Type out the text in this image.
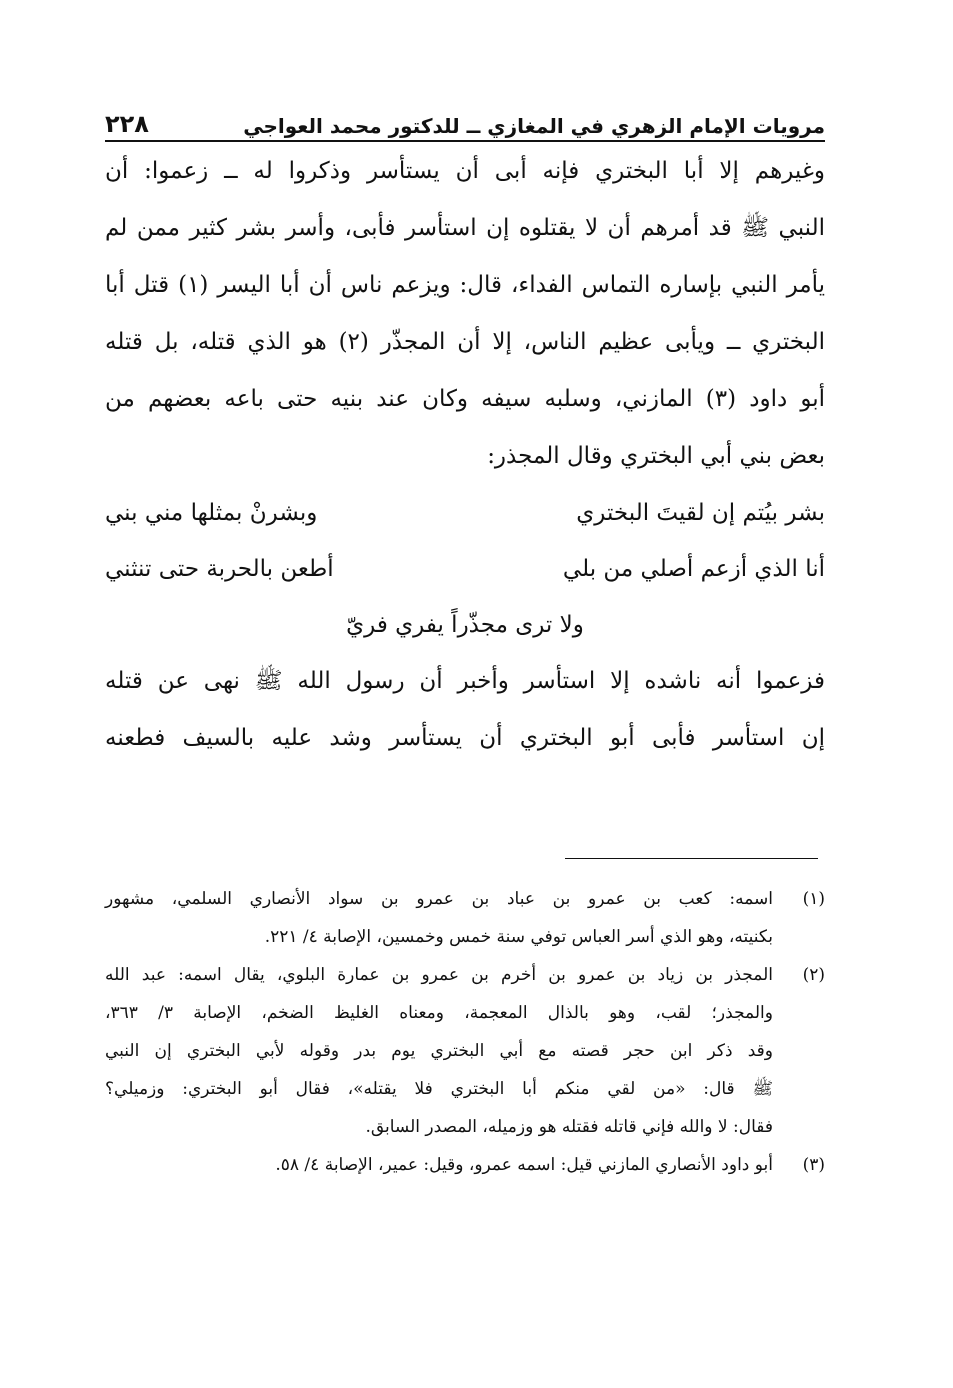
مرويات الإمام الزهري في المغازي ــ للدكتور محمد العواجي
٢٢٨
وغيرهم إلا أبا البختري فإنه أبى أن يستأسر وذكروا له ــ زعموا: أن
النبي ﷺ قد أمرهم أن لا يقتلوه إن استأسر فأبى، وأسر بشر كثير ممن لم
يأمر النبي بإساره التماس الفداء، قال: ويزعم ناس أن أبا اليسر (١) قتل أبا
البختري ــ ويأبى عظيم الناس، إلا أن المجذّر (٢) هو الذي قتله، بل قتله
أبو داود (٣) المازني، وسلبه سيفه وكان عند بنيه حتى باعه بعضهم من
بعض بني أبي البختري وقال المجذر:
بشر بيُتم إن لقيتَ البختري
وبشرنْ بمثلها مني بني
أنا الذي أزعم أصلي من بلي
أطعن بالحربة حتى تنثني
ولا ترى مجذّراً يفري فريّ
فزعموا أنه ناشده إلا استأسر وأخبر أن رسول الله ﷺ نهى عن قتله
إن استأسر فأبى أبو البختري أن يستأسر وشد عليه بالسيف فطعنه
(١)
اسمه: كعب بن عمرو بن عباد بن عمرو بن سواد الأنصاري السلمي، مشهور
بكنيته، وهو الذي أسر العباس توفي سنة خمس وخمسين، الإصابة ٤/ ٢٢١.
(٢)
المجذر بن زياد بن عمرو بن أخرم بن عمرو بن عمارة البلوي، يقال اسمه: عبد الله
والمجذر؛ لقب، وهو بالذال المعجمة، ومعناه الغليظ الضخم، الإصابة ٣/ ٣٦٣،
وقد ذكر ابن حجر قصته مع أبي البختري يوم بدر وقوله لأبي البختري إن النبي
ﷺ قال: «من لقي منكم أبا البختري فلا يقتله»، فقال أبو البختري: وزميلي؟
فقال: لا والله فإني قاتله فقتله هو وزميله، المصدر السابق.
(٣)
أبو داود الأنصاري المازني قيل: اسمه عمرو، وقيل: عمير، الإصابة ٤/ ٥٨.
